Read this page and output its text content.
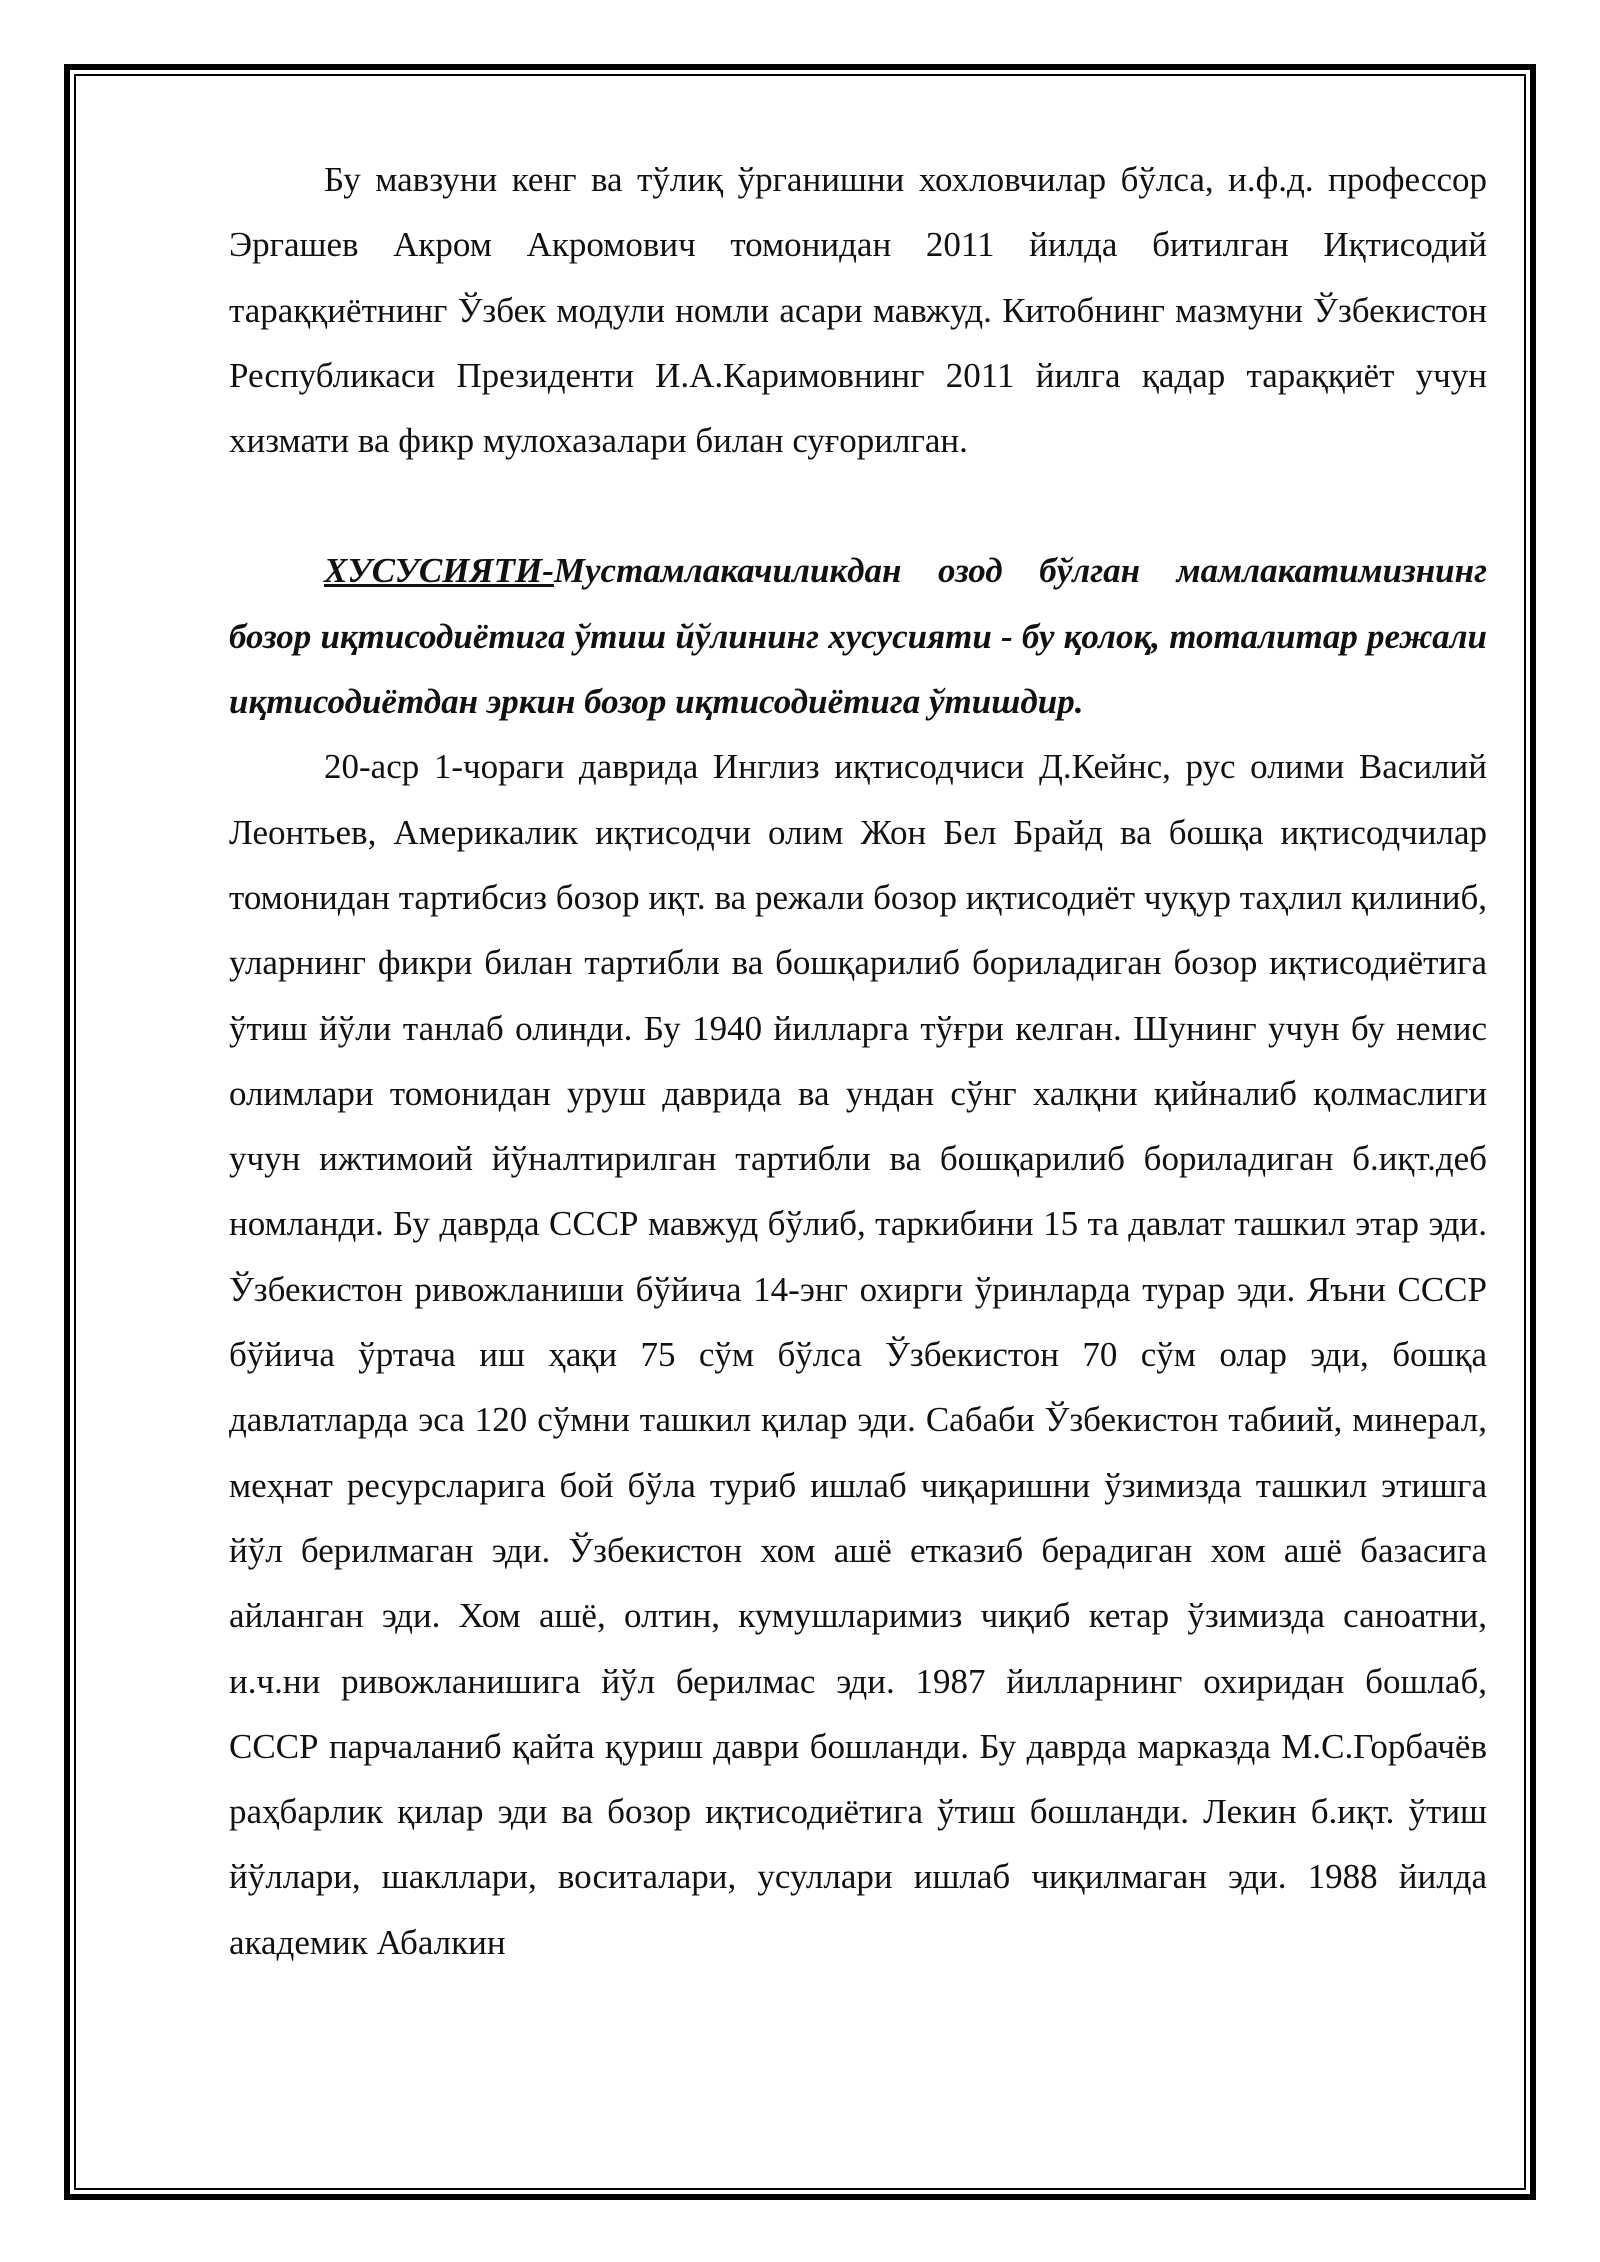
Бу мавзуни кенг ва тўлиқ ўрганишни хохловчилар бўлса, и.ф.д. профессор Эргашев Акром Акромович томонидан 2011 йилда битилган Иқтисодий тараққиётнинг Ўзбек модули номли асари мавжуд. Китобнинг мазмуни Ўзбекистон Республикаси Президенти И.А.Каримовнинг 2011 йилга қадар тараққиёт учун хизмати ва фикр мулохазалари билан суғорилган.

ХУСУСИЯТИ-Мустамлакачиликдан озод бўлган мамлакатимизнинг бозор иқтисодиётига ўтиш йўлининг хусусияти - бу қолоқ, тоталитар режали иқтисодиётдан эркин бозор иқтисодиётига ўтишдир.

20-аср 1-чораги даврида Инглиз иқтисодчиси Д.Кейнс, рус олими Василий Леонтьев, Америкалик иқтисодчи олим Жон Бел Брайд ва бошқа иқтисодчилар томонидан тартибсиз бозор иқт. ва режали бозор иқтисодиёт чуқур таҳлил қилиниб, уларнинг фикри билан тартибли ва бошқарилиб бориладиган бозор иқтисодиётига ўтиш йўли танлаб олинди. Бу 1940 йилларга тўғри келган. Шунинг учун бу немис олимлари томонидан уруш даврида ва ундан сўнг халқни қийналиб қолмаслиги учун ижтимоий йўналтирилган тартибли ва бошқарилиб бориладиган б.иқт.деб номланди. Бу даврда СССР мавжуд бўлиб, таркибини 15 та давлат ташкил этар эди. Ўзбекистон ривожланиши бўйича 14-энг охирги ўринларда турар эди. Яъни СССР бўйича ўртача иш ҳақи 75 сўм бўлса Ўзбекистон 70 сўм олар эди, бошқа давлатларда эса 120 сўмни ташкил қилар эди. Сабаби Ўзбекистон табиий, минерал, меҳнат ресурсларига бой бўла туриб ишлаб чиқаришни ўзимизда ташкил этишга йўл берилмаган эди. Ўзбекистон хом ашё етказиб берадиган хом ашё базасига айланган эди. Хом ашё, олтин, кумушларимиз чиқиб кетар ўзимизда саноатни, и.ч.ни ривожланишига йўл берилмас эди. 1987 йилларнинг охиридан бошлаб, СССР парчаланиб қайта қуриш даври бошланди. Бу даврда марказда М.С.Горбачёв раҳбарлик қилар эди ва бозор иқтисодиётига ўтиш бошланди. Лекин б.иқт. ўтиш йўллари, шакллари, воситалари, усуллари ишлаб чиқилмаган эди. 1988 йилда академик Абалкин
